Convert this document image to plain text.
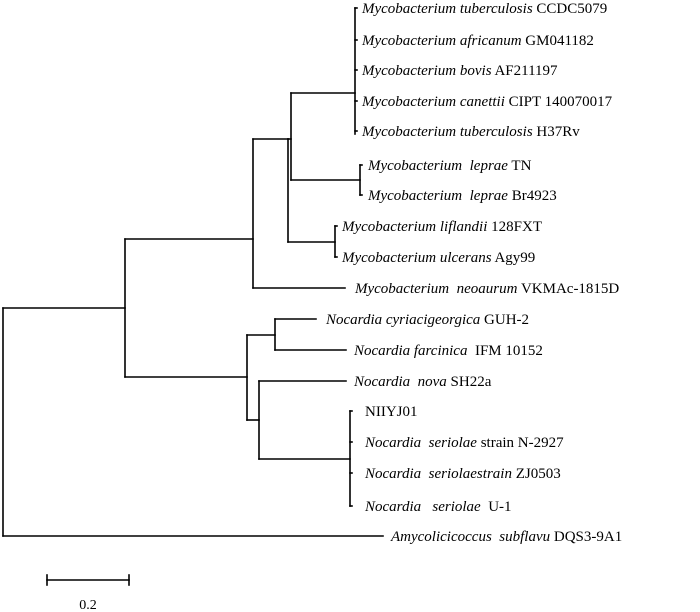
Mycobacterium tuberculosis CCDC5079
Mycobacterium africanum GM041182
Mycobacterium bovis AF211197
Mycobacterium canettii CIPT 140070017
Mycobacterium tuberculosis H37Rv
Mycobacterium  leprae TN
Mycobacterium  leprae Br4923
Mycobacterium liflandii 128FXT
Mycobacterium ulcerans Agy99
Mycobacterium  neoaurum VKMAc-1815D
Nocardia cyriacigeorgica GUH-2
Nocardia farcinica  IFM 10152
Nocardia  nova SH22a
NIIYJ01
Nocardia  seriolae strain N-2927
Nocardia  seriolaestrain ZJ0503
Nocardia   seriolae  U-1
Amycolicicoccus  subflavu DQS3-9A1
0.2
